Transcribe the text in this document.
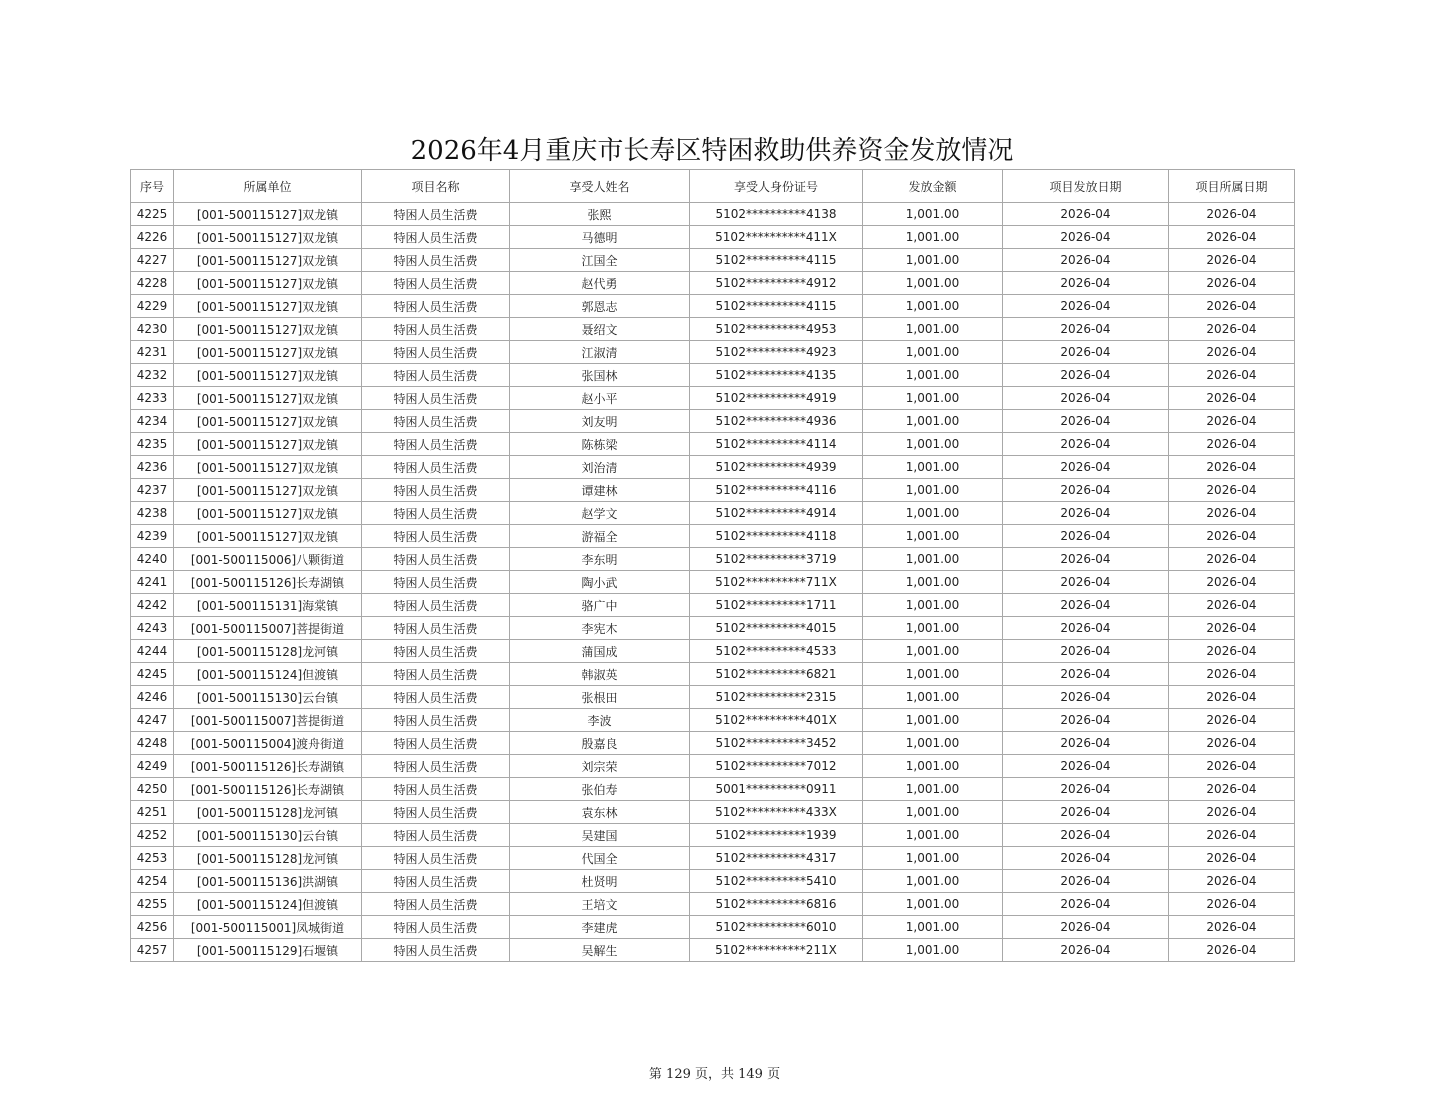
2026年4月重庆市长寿区特困救助供养资金发放情况
序号	所属单位	项目名称	享受人姓名	享受人身份证号	发放金额	项目发放日期	项目所属日期
4225	[001-500115127]双龙镇	特困人员生活费	张熙	5102**********4138	1,001.00	2026-04	2026-04
4226	[001-500115127]双龙镇	特困人员生活费	马德明	5102**********411X	1,001.00	2026-04	2026-04
4227	[001-500115127]双龙镇	特困人员生活费	江国全	5102**********4115	1,001.00	2026-04	2026-04
4228	[001-500115127]双龙镇	特困人员生活费	赵代勇	5102**********4912	1,001.00	2026-04	2026-04
4229	[001-500115127]双龙镇	特困人员生活费	郭恩志	5102**********4115	1,001.00	2026-04	2026-04
4230	[001-500115127]双龙镇	特困人员生活费	聂绍文	5102**********4953	1,001.00	2026-04	2026-04
4231	[001-500115127]双龙镇	特困人员生活费	江淑清	5102**********4923	1,001.00	2026-04	2026-04
4232	[001-500115127]双龙镇	特困人员生活费	张国林	5102**********4135	1,001.00	2026-04	2026-04
4233	[001-500115127]双龙镇	特困人员生活费	赵小平	5102**********4919	1,001.00	2026-04	2026-04
4234	[001-500115127]双龙镇	特困人员生活费	刘友明	5102**********4936	1,001.00	2026-04	2026-04
4235	[001-500115127]双龙镇	特困人员生活费	陈栋梁	5102**********4114	1,001.00	2026-04	2026-04
4236	[001-500115127]双龙镇	特困人员生活费	刘治清	5102**********4939	1,001.00	2026-04	2026-04
4237	[001-500115127]双龙镇	特困人员生活费	谭建林	5102**********4116	1,001.00	2026-04	2026-04
4238	[001-500115127]双龙镇	特困人员生活费	赵学文	5102**********4914	1,001.00	2026-04	2026-04
4239	[001-500115127]双龙镇	特困人员生活费	游福全	5102**********4118	1,001.00	2026-04	2026-04
4240	[001-500115006]八颗街道	特困人员生活费	李东明	5102**********3719	1,001.00	2026-04	2026-04
4241	[001-500115126]长寿湖镇	特困人员生活费	陶小武	5102**********711X	1,001.00	2026-04	2026-04
4242	[001-500115131]海棠镇	特困人员生活费	骆广中	5102**********1711	1,001.00	2026-04	2026-04
4243	[001-500115007]菩提街道	特困人员生活费	李宪木	5102**********4015	1,001.00	2026-04	2026-04
4244	[001-500115128]龙河镇	特困人员生活费	蒲国成	5102**********4533	1,001.00	2026-04	2026-04
4245	[001-500115124]但渡镇	特困人员生活费	韩淑英	5102**********6821	1,001.00	2026-04	2026-04
4246	[001-500115130]云台镇	特困人员生活费	张根田	5102**********2315	1,001.00	2026-04	2026-04
4247	[001-500115007]菩提街道	特困人员生活费	李波	5102**********401X	1,001.00	2026-04	2026-04
4248	[001-500115004]渡舟街道	特困人员生活费	殷嘉良	5102**********3452	1,001.00	2026-04	2026-04
4249	[001-500115126]长寿湖镇	特困人员生活费	刘宗荣	5102**********7012	1,001.00	2026-04	2026-04
4250	[001-500115126]长寿湖镇	特困人员生活费	张伯寿	5001**********0911	1,001.00	2026-04	2026-04
4251	[001-500115128]龙河镇	特困人员生活费	袁东林	5102**********433X	1,001.00	2026-04	2026-04
4252	[001-500115130]云台镇	特困人员生活费	吴建国	5102**********1939	1,001.00	2026-04	2026-04
4253	[001-500115128]龙河镇	特困人员生活费	代国全	5102**********4317	1,001.00	2026-04	2026-04
4254	[001-500115136]洪湖镇	特困人员生活费	杜贤明	5102**********5410	1,001.00	2026-04	2026-04
4255	[001-500115124]但渡镇	特困人员生活费	王培文	5102**********6816	1,001.00	2026-04	2026-04
4256	[001-500115001]凤城街道	特困人员生活费	李建虎	5102**********6010	1,001.00	2026-04	2026-04
4257	[001-500115129]石堰镇	特困人员生活费	吴解生	5102**********211X	1,001.00	2026-04	2026-04
第 129 页，共 149 页
